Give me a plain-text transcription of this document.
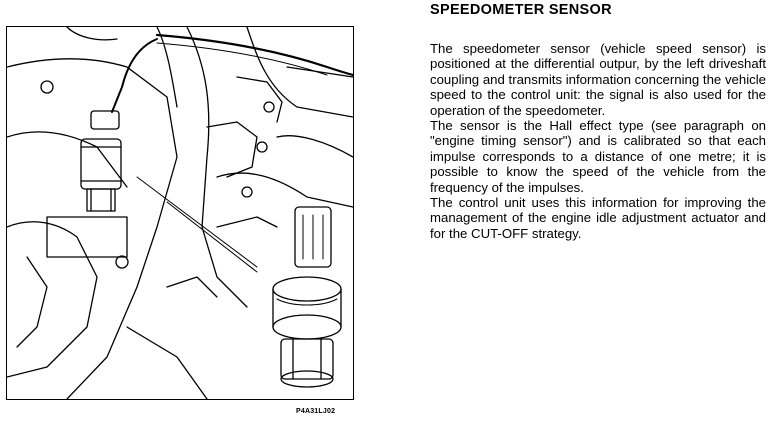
P4A31LJ02
SPEEDOMETER SENSOR

The speedometer sensor (vehicle speed sensor) is positioned at the differential outpur, by the left driveshaft coupling and transmits information concerning the vehicle speed to the control unit: the signal is also used for the operation of the speedometer.

The sensor is the Hall effect type (see paragraph on "engine timing sensor") and is calibrated so that each impulse corresponds to a distance of one metre; it is possible to know the speed of the vehicle from the frequency of the impulses.

The control unit uses this information for improving the management of the engine idle adjustment actuator and for the CUT-OFF strategy.
